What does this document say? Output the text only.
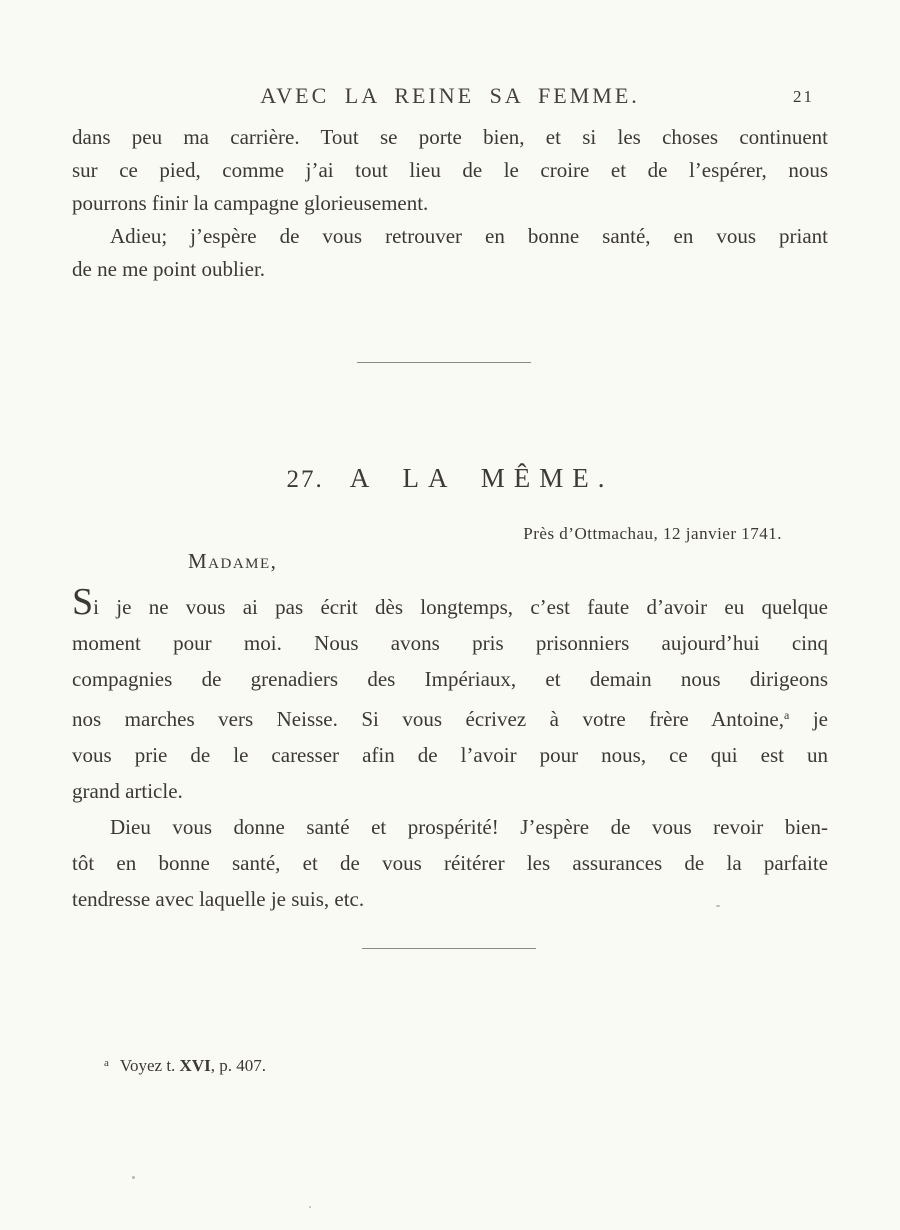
AVEC LA REINE SA FEMME.	21
dans peu ma carrière. Tout se porte bien, et si les choses continuent
sur ce pied, comme j’ai tout lieu de le croire et de l’espérer, nous
pourrons finir la campagne glorieusement.
Adieu; j’espère de vous retrouver en bonne santé, en vous priant
de ne me point oublier.
27. A LA MÊME.
Près d’Ottmachau, 12 janvier 1741.
Madame,
Si je ne vous ai pas écrit dès longtemps, c’est faute d’avoir eu quelque
moment pour moi. Nous avons pris prisonniers aujourd’hui cinq
compagnies de grenadiers des Impériaux, et demain nous dirigeons
nos marches vers Neisse. Si vous écrivez à votre frère Antoine,$^a$ je
vous prie de le caresser afin de l’avoir pour nous, ce qui est un
grand article.
Dieu vous donne santé et prospérité! J’espère de vous revoir bien-
tôt en bonne santé, et de vous réitérer les assurances de la parfaite
tendresse avec laquelle je suis, etc.
$^a$ Voyez t. XVI, p. 407.
